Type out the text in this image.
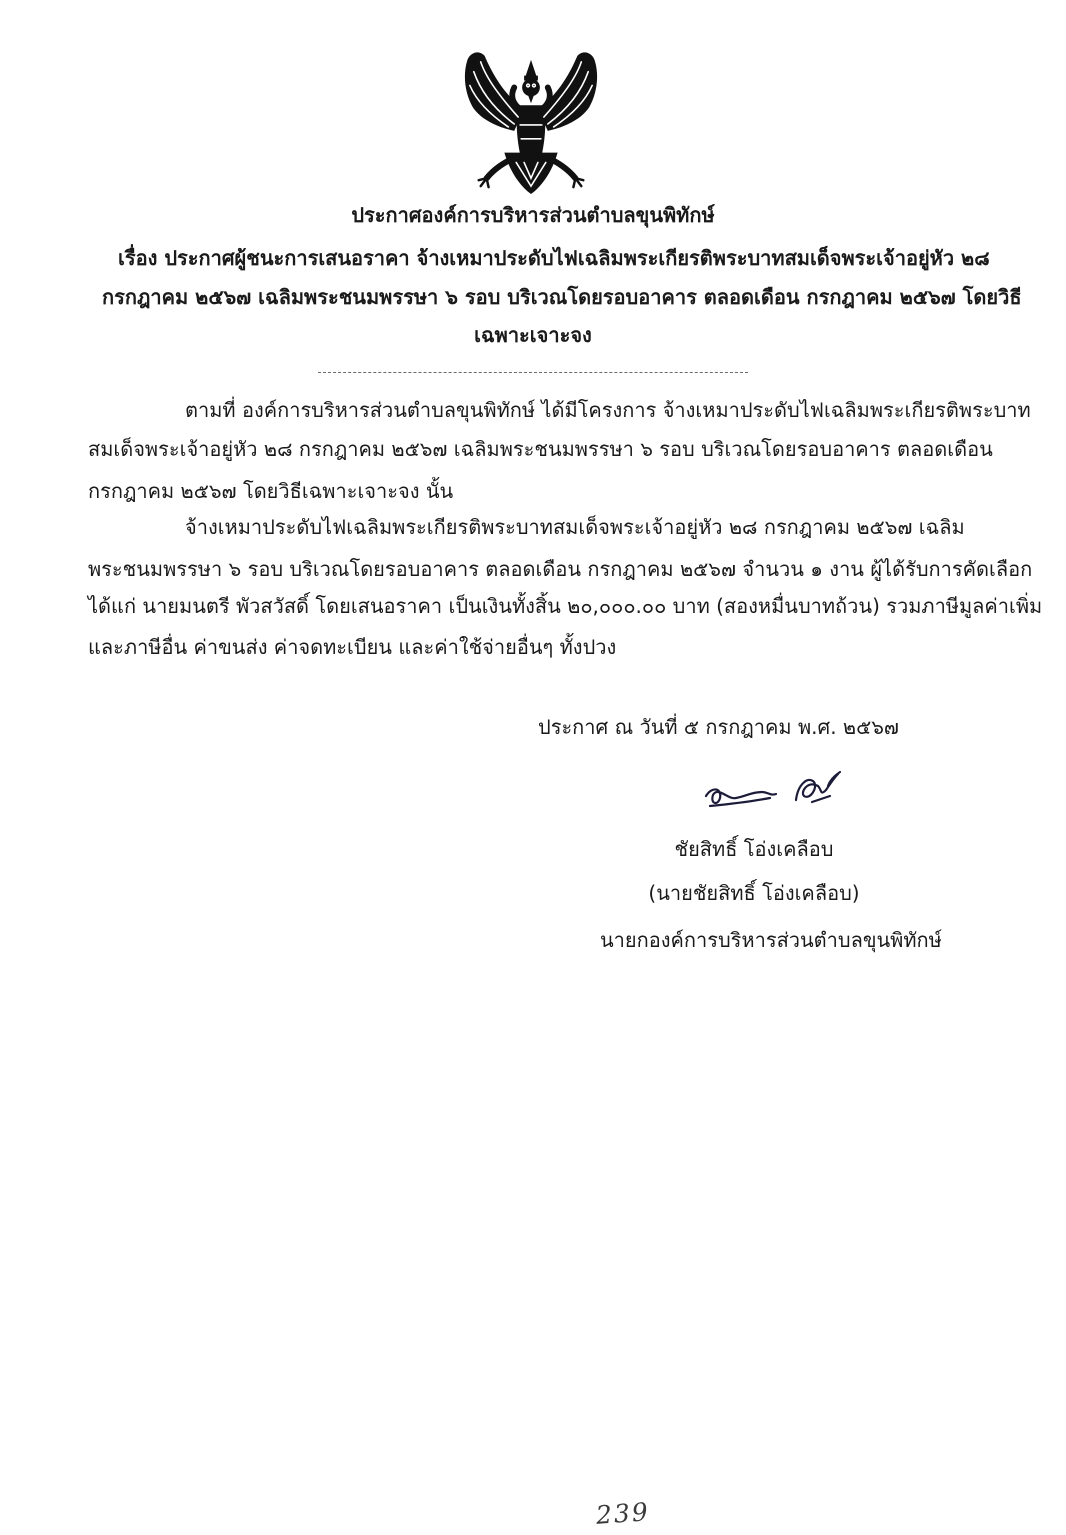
ประกาศองค์การบริหารส่วนตำบลขุนพิทักษ์
เรื่อง ประกาศผู้ชนะการเสนอราคา จ้างเหมาประดับไฟเฉลิมพระเกียรติพระบาทสมเด็จพระเจ้าอยู่หัว ๒๘
กรกฎาคม ๒๕๖๗ เฉลิมพระชนมพรรษา ๖ รอบ บริเวณโดยรอบอาคาร ตลอดเดือน กรกฎาคม ๒๕๖๗ โดยวิธี
เฉพาะเจาะจง
ตามที่ องค์การบริหารส่วนตำบลขุนพิทักษ์ ได้มีโครงการ จ้างเหมาประดับไฟเฉลิมพระเกียรติพระบาท
สมเด็จพระเจ้าอยู่หัว ๒๘ กรกฎาคม ๒๕๖๗ เฉลิมพระชนมพรรษา ๖ รอบ บริเวณโดยรอบอาคาร ตลอดเดือน
กรกฎาคม ๒๕๖๗ โดยวิธีเฉพาะเจาะจง นั้น
จ้างเหมาประดับไฟเฉลิมพระเกียรติพระบาทสมเด็จพระเจ้าอยู่หัว ๒๘ กรกฎาคม ๒๕๖๗ เฉลิม
พระชนมพรรษา ๖ รอบ บริเวณโดยรอบอาคาร ตลอดเดือน กรกฎาคม ๒๕๖๗ จำนวน ๑ งาน ผู้ได้รับการคัดเลือก
ได้แก่ นายมนตรี พัวสวัสดิ์ โดยเสนอราคา เป็นเงินทั้งสิ้น ๒๐,๐๐๐.๐๐ บาท (สองหมื่นบาทถ้วน) รวมภาษีมูลค่าเพิ่ม
และภาษีอื่น ค่าขนส่ง ค่าจดทะเบียน และค่าใช้จ่ายอื่นๆ ทั้งปวง
ประกาศ ณ วันที่ ๕ กรกฎาคม พ.ศ. ๒๕๖๗
ชัยสิทธิ์ โอ่งเคลือบ
(นายชัยสิทธิ์ โอ่งเคลือบ)
นายกองค์การบริหารส่วนตำบลขุนพิทักษ์
239
